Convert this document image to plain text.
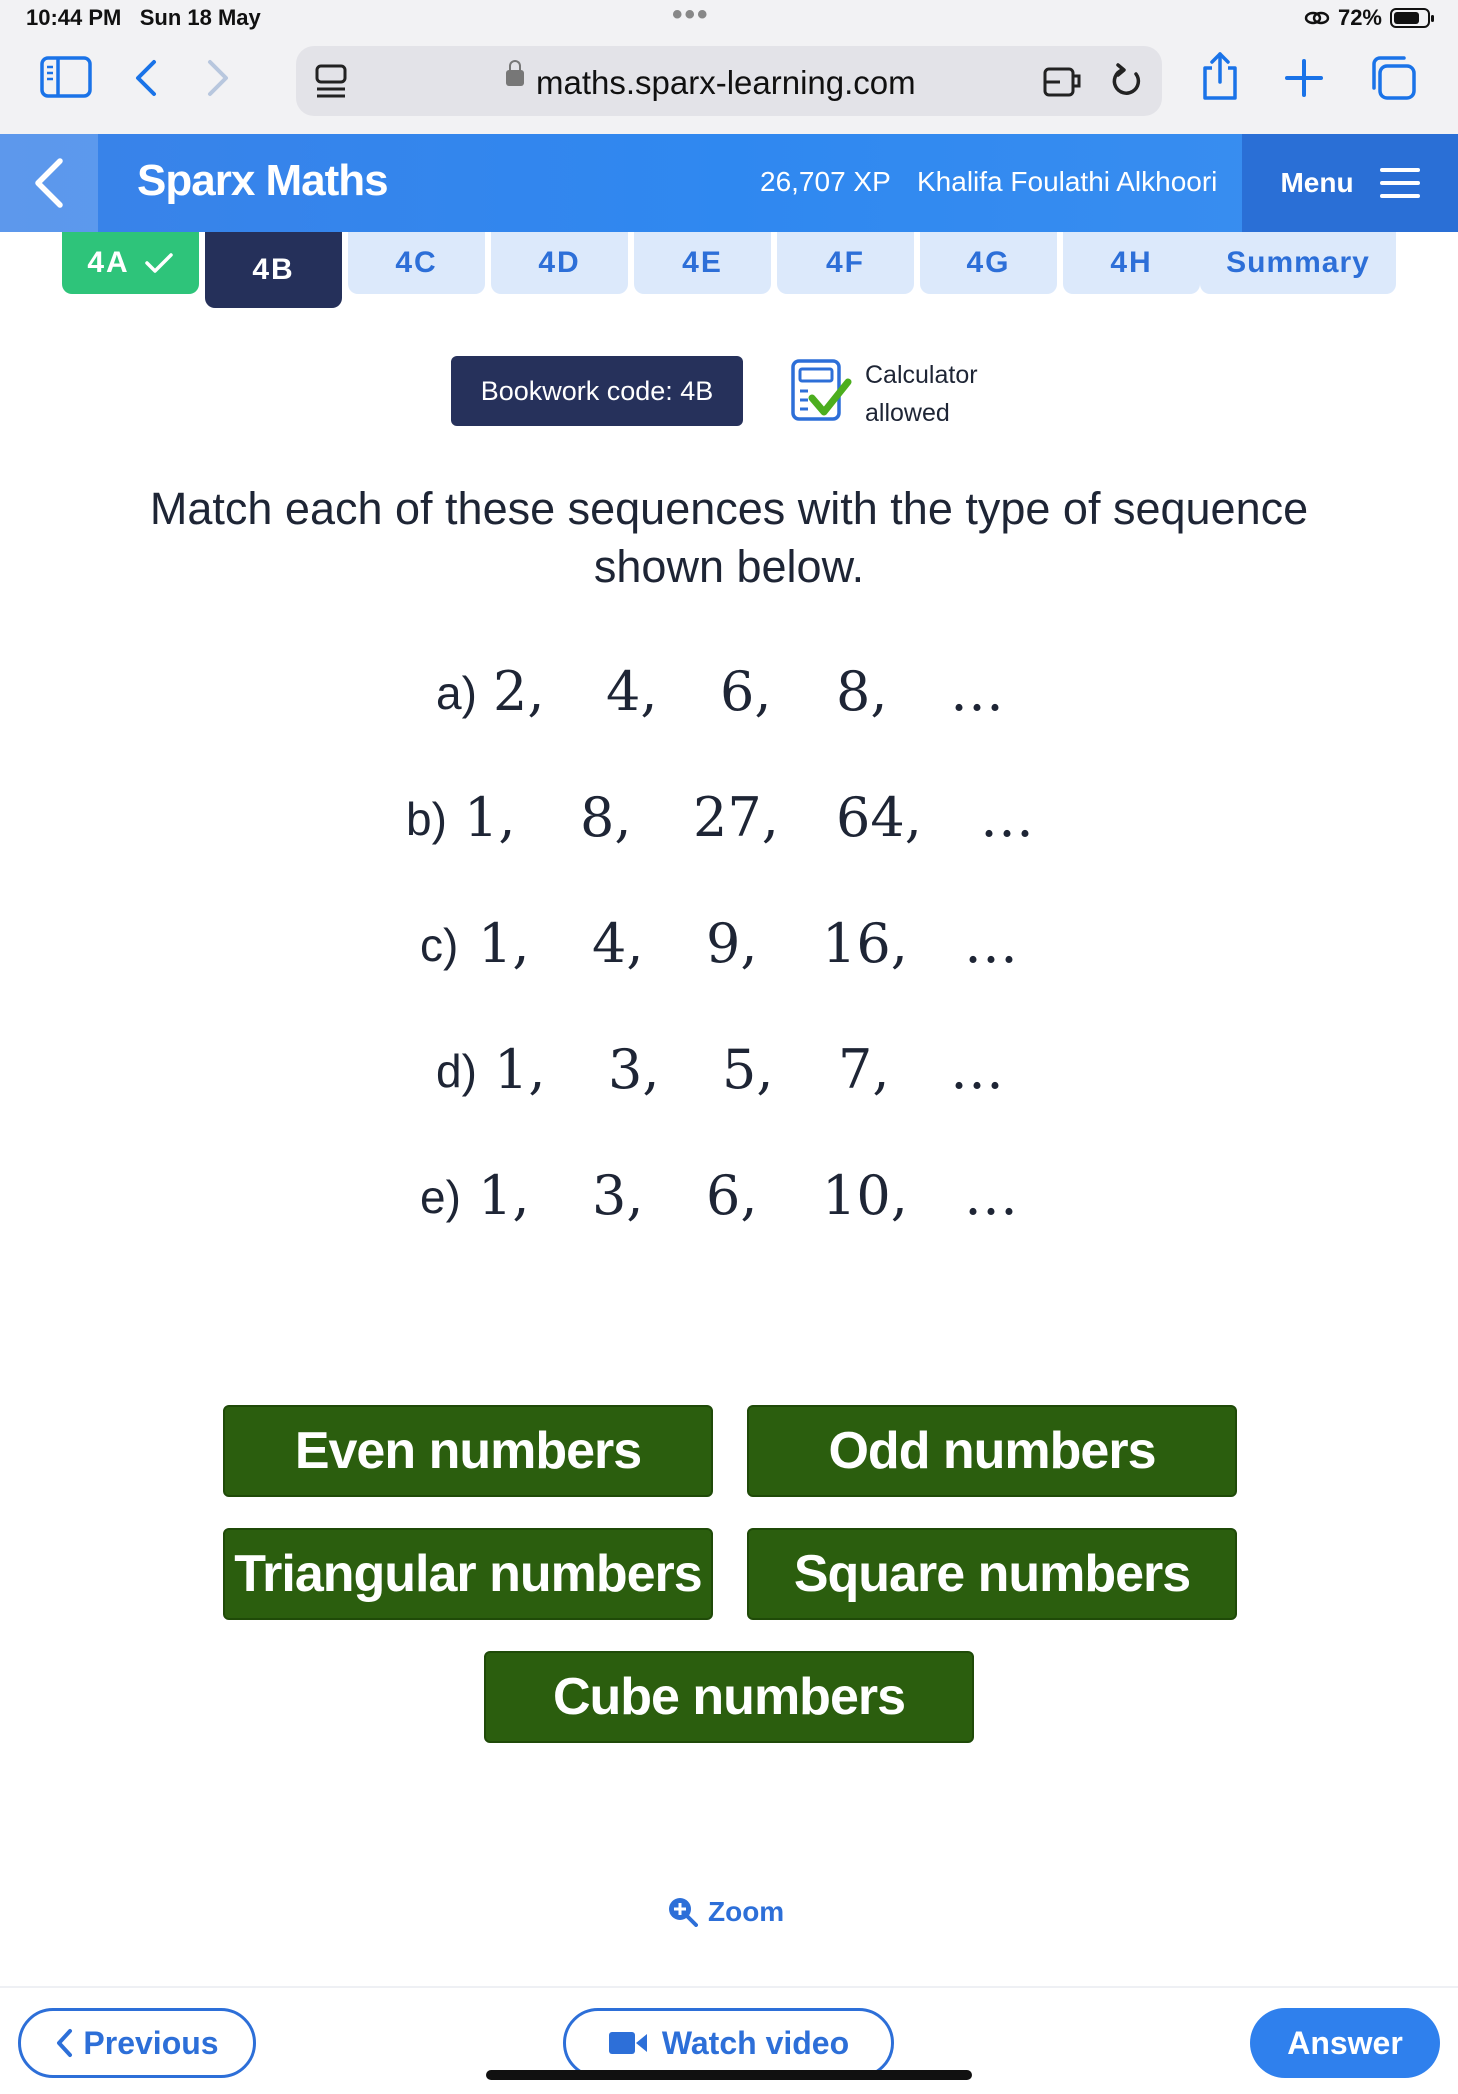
10:44 PM Sun 18 May	•••	72%
maths.sparx-learning.com
Sparx Maths	26,707 XP Khalifa Foulathi Alkhoori Menu
4A	4B	4C	4D	4E	4F	4G	4H Summary
Bookwork code: 4B
Calculator
allowed
Match each of these sequences with the type of sequence shown below.
a) 2, 4, 6, 8, …
b) 1, 8, 27, 64, …
c) 1, 4, 9, 16, …
d) 1, 3, 5, 7, …
e) 1, 3, 6, 10, …
Even numbers	Odd numbers
Triangular numbers	Square numbers
Cube numbers
Zoom
Previous	Watch video	Answer
